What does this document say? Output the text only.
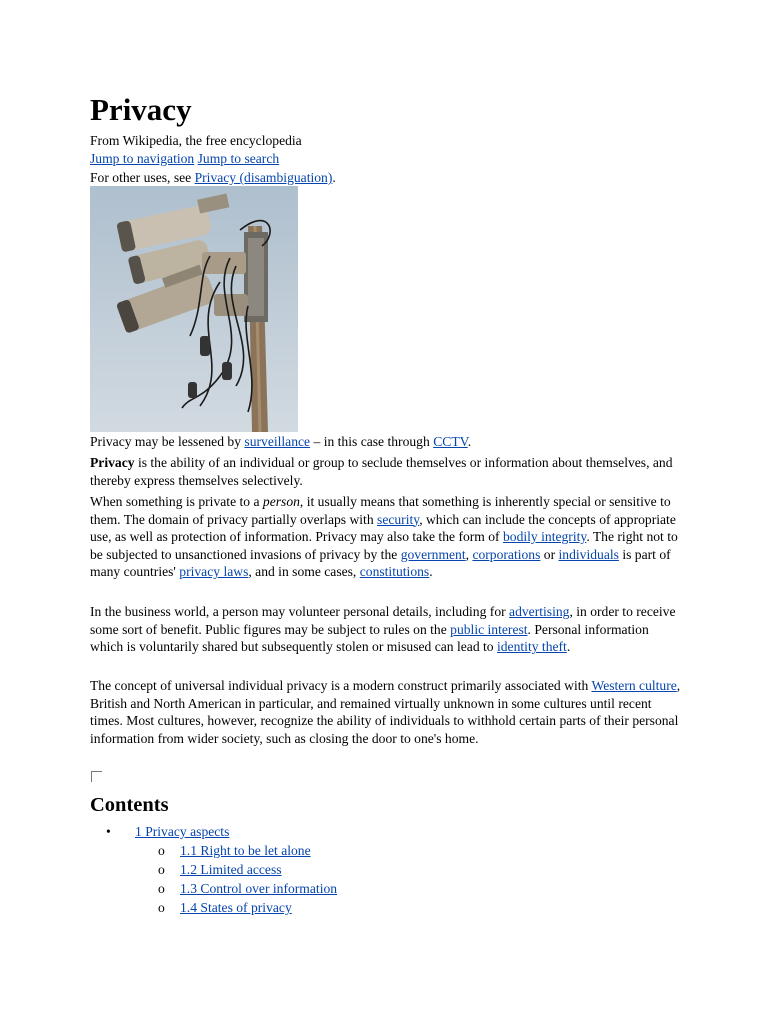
Privacy
From Wikipedia, the free encyclopedia
Jump to navigation Jump to search
For other uses, see Privacy (disambiguation).
Privacy may be lessened by surveillance – in this case through CCTV.

Privacy is the ability of an individual or group to seclude themselves or information about themselves, and thereby express themselves selectively.

When something is private to a person, it usually means that something is inherently special or sensitive to them. The domain of privacy partially overlaps with security, which can include the concepts of appropriate use, as well as protection of information. Privacy may also take the form of bodily integrity. The right not to be subjected to unsanctioned invasions of privacy by the government, corporations or individuals is part of many countries' privacy laws, and in some cases, constitutions.

In the business world, a person may volunteer personal details, including for advertising, in order to receive some sort of benefit. Public figures may be subject to rules on the public interest. Personal information which is voluntarily shared but subsequently stolen or misused can lead to identity theft.

The concept of universal individual privacy is a modern construct primarily associated with Western culture, British and North American in particular, and remained virtually unknown in some cultures until recent times. Most cultures, however, recognize the ability of individuals to withhold certain parts of their personal information from wider society, such as closing the door to one's home.

Contents
• 1 Privacy aspects
o 1.1 Right to be let alone
o 1.2 Limited access
o 1.3 Control over information
o 1.4 States of privacy
